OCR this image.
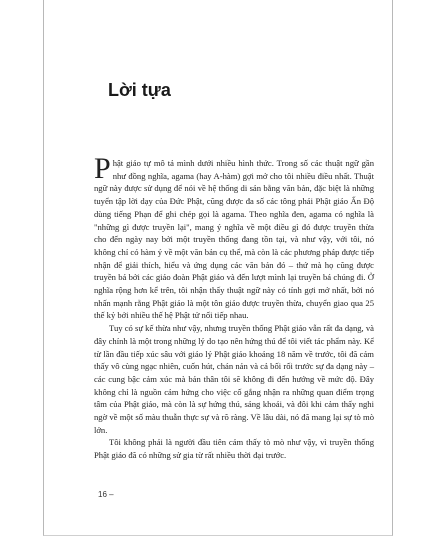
Lời tựa

Phật giáo tự mô tả mình dưới nhiều hình thức. Trong số các thuật ngữ gần như đồng nghĩa, agama (hay A-hàm) gợi mở cho tôi nhiều điều nhất. Thuật ngữ này được sử dụng để nói về hệ thống di sản bằng văn bản, đặc biệt là những tuyển tập lời dạy của Đức Phật, cũng được đa số các tông phái Phật giáo Ấn Độ dùng tiếng Phạn để ghi chép gọi là agama. Theo nghĩa đen, agama có nghĩa là "những gì được truyền lại", mang ý nghĩa về một điều gì đó được truyền thừa cho đến ngày nay bởi một truyền thống đang tồn tại, và như vậy, với tôi, nó không chỉ có hàm ý về một văn bản cụ thể, mà còn là các phương pháp được tiếp nhận để giải thích, hiểu và ứng dụng các văn bản đó – thứ mà họ cũng được truyền bá bởi các giáo đoàn Phật giáo và đến lượt mình lại truyền bá chúng đi. Ở nghĩa rộng hơn kể trên, tôi nhận thấy thuật ngữ này có tính gợi mở nhất, bởi nó nhấn mạnh rằng Phật giáo là một tôn giáo được truyền thừa, chuyển giao qua 25 thế kỷ bởi nhiều thế hệ Phật tử nối tiếp nhau.

Tuy có sự kế thừa như vậy, nhưng truyền thống Phật giáo vẫn rất đa dạng, và đây chính là một trong những lý do tạo nên hứng thú để tôi viết tác phẩm này. Kể từ lần đầu tiếp xúc sâu với giáo lý Phật giáo khoảng 18 năm về trước, tôi đã cảm thấy vô cùng ngạc nhiên, cuốn hút, chán nản và cả bối rối trước sự đa dạng này – các cung bậc cảm xúc mà bản thân tôi sẽ không đi đến hướng về mức độ. Đây không chỉ là nguồn cảm hứng cho việc cố gắng nhận ra những quan điểm trọng tâm của Phật giáo, mà còn là sự hứng thú, sảng khoái, và đôi khi cảm thấy nghi ngờ về một số màu thuẫn thực sự và rõ ràng. Về lâu dài, nó đã mang lại sự tò mò lớn.

Tôi không phải là người đầu tiên cảm thấy tò mò như vậy, vì truyền thống Phật giáo đã có những sử gia từ rất nhiều thời đại trước.

16 –
